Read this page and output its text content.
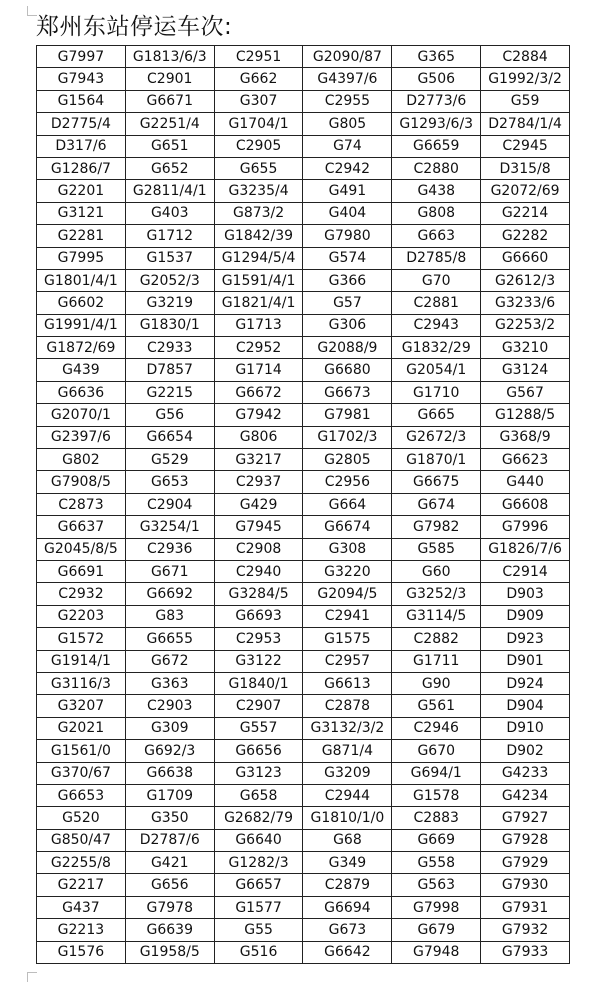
郑州东站停运车次:
G7997	G1813/6/3	C2951	G2090/87	G365	C2884
G7943	C2901	G662	G4397/6	G506	G1992/3/2
G1564	G6671	G307	C2955	D2773/6	G59
D2775/4	G2251/4	G1704/1	G805	G1293/6/3	D2784/1/4
D317/6	G651	C2905	G74	G6659	C2945
G1286/7	G652	G655	C2942	C2880	D315/8
G2201	G2811/4/1	G3235/4	G491	G438	G2072/69
G3121	G403	G873/2	G404	G808	G2214
G2281	G1712	G1842/39	G7980	G663	G2282
G7995	G1537	G1294/5/4	G574	D2785/8	G6660
G1801/4/1	G2052/3	G1591/4/1	G366	G70	G2612/3
G6602	G3219	G1821/4/1	G57	C2881	G3233/6
G1991/4/1	G1830/1	G1713	G306	C2943	G2253/2
G1872/69	C2933	C2952	G2088/9	G1832/29	G3210
G439	D7857	G1714	G6680	G2054/1	G3124
G6636	G2215	G6672	G6673	G1710	G567
G2070/1	G56	G7942	G7981	G665	G1288/5
G2397/6	G6654	G806	G1702/3	G2672/3	G368/9
G802	G529	G3217	G2805	G1870/1	G6623
G7908/5	G653	C2937	C2956	G6675	G440
C2873	C2904	G429	G664	G674	G6608
G6637	G3254/1	G7945	G6674	G7982	G7996
G2045/8/5	C2936	C2908	G308	G585	G1826/7/6
G6691	G671	C2940	G3220	G60	C2914
C2932	G6692	G3284/5	G2094/5	G3252/3	D903
G2203	G83	G6693	C2941	G3114/5	D909
G1572	G6655	C2953	G1575	C2882	D923
G1914/1	G672	G3122	C2957	G1711	D901
G3116/3	G363	G1840/1	G6613	G90	D924
G3207	C2903	C2907	C2878	G561	D904
G2021	G309	G557	G3132/3/2	C2946	D910
G1561/0	G692/3	G6656	G871/4	G670	D902
G370/67	G6638	G3123	G3209	G694/1	G4233
G6653	G1709	G658	C2944	G1578	G4234
G520	G350	G2682/79	G1810/1/0	C2883	G7927
G850/47	D2787/6	G6640	G68	G669	G7928
G2255/8	G421	G1282/3	G349	G558	G7929
G2217	G656	G6657	C2879	G563	G7930
G437	G7978	G1577	G6694	G7998	G7931
G2213	G6639	G55	G673	G679	G7932
G1576	G1958/5	G516	G6642	G7948	G7933
